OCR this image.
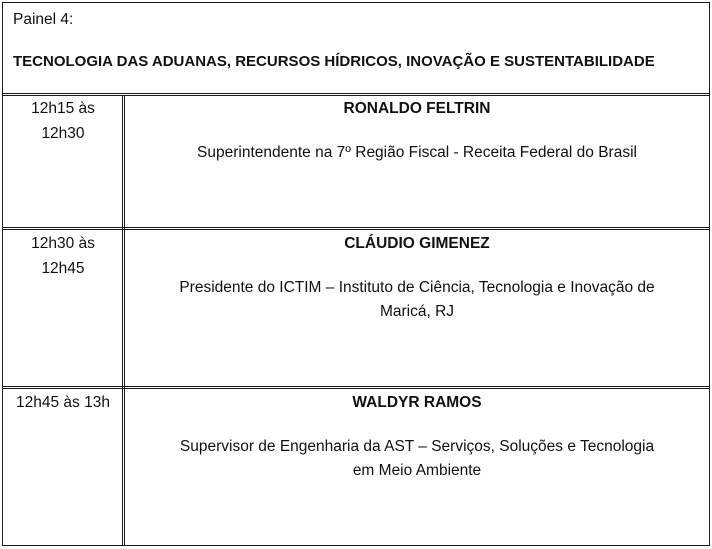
Painel 4:
TECNOLOGIA DAS ADUANAS, RECURSOS HÍDRICOS, INOVAÇÃO E SUSTENTABILIDADE
12h15 às 12h30
RONALDO FELTRIN
Superintendente na 7º Região Fiscal - Receita Federal do Brasil
12h30 às 12h45
CLÁUDIO GIMENEZ
Presidente do ICTIM – Instituto de Ciência, Tecnologia e Inovação de Maricá, RJ
12h45 às 13h	WALDYR RAMOS
Supervisor de Engenharia da AST – Serviços, Soluções e Tecnologia em Meio Ambiente
